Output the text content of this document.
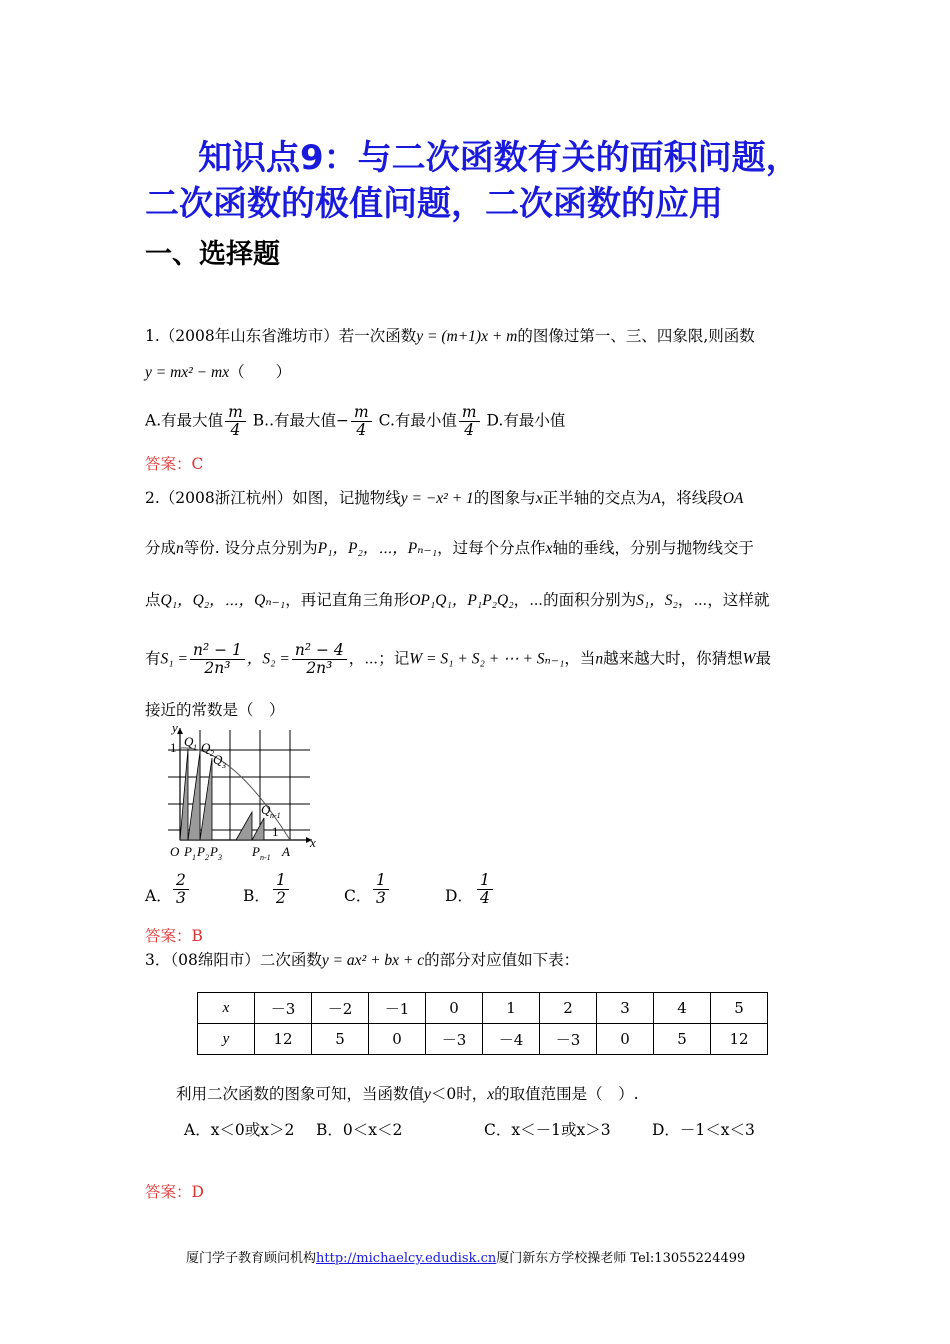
知识点9：与二次函数有关的面积问题，
二次函数的极值问题，二次函数的应用
一、选择题
1.（2008年山东省潍坊市）若一次函数y = (m+1)x + m的图像过第一、三、四象限,则函数
y = mx² − mx（　　）
A.有最大值 $\frac{m}{4} B$..有最大值− $\frac{m}{4} C$.有最小值 $\frac{m}{4} D$.有最小值
答案：C
2.（2008浙江杭州）如图，记抛物线y = −x² + 1的图象与x正半轴的交点为A，将线段OA
分成n等份. 设分点分别为P₁，P₂，⋯，Pₙ₋₁，过每个分点作x轴的垂线，分别与抛物线交于
点Q₁，Q₂，⋯，Qₙ₋₁，再记直角三角形OP₁Q₁，P₁P₂Q₂，⋯的面积分别为S₁，S₂，⋯，这样就
有$S_1 = \frac{\text{n² − 1}}{\text{2n³}}$ ，$S_2 = \frac{\text{n² − 4}}{\text{2n³}}$ ，⋯；记W = S₁ + S₂ + ⋯ + Sₙ₋₁，当n越来越大时，你猜想W最
接近的常数是（　）
y
1 Q 1 Q 2 Q 3
Q n-1
1
x
O P 1 P 2 P 3 P n-1 A
A． $\frac{2}{3}$	B． $\frac{1}{2}$	C． $\frac{1}{3}$	D． $\frac{1}{4}$
答案：B
3．（08绵阳市）二次函数y = ax² + bx + c的部分对应值如下表：
x	－3	－2	－1	0	1	2	3	4	5
y	12	5	0	－3	－4	－3	0	5	12
利用二次函数的图象可知，当函数值y＜0时，x的取值范围是（　）.
A．x＜0或x＞2 B．0＜x＜2	C．x＜－1或x＞3	D．－1＜x＜3
答案：D
厦门学子教育顾问机构http://michaelcy.edudisk.cn厦门新东方学校操老师 Tel:13055224499
